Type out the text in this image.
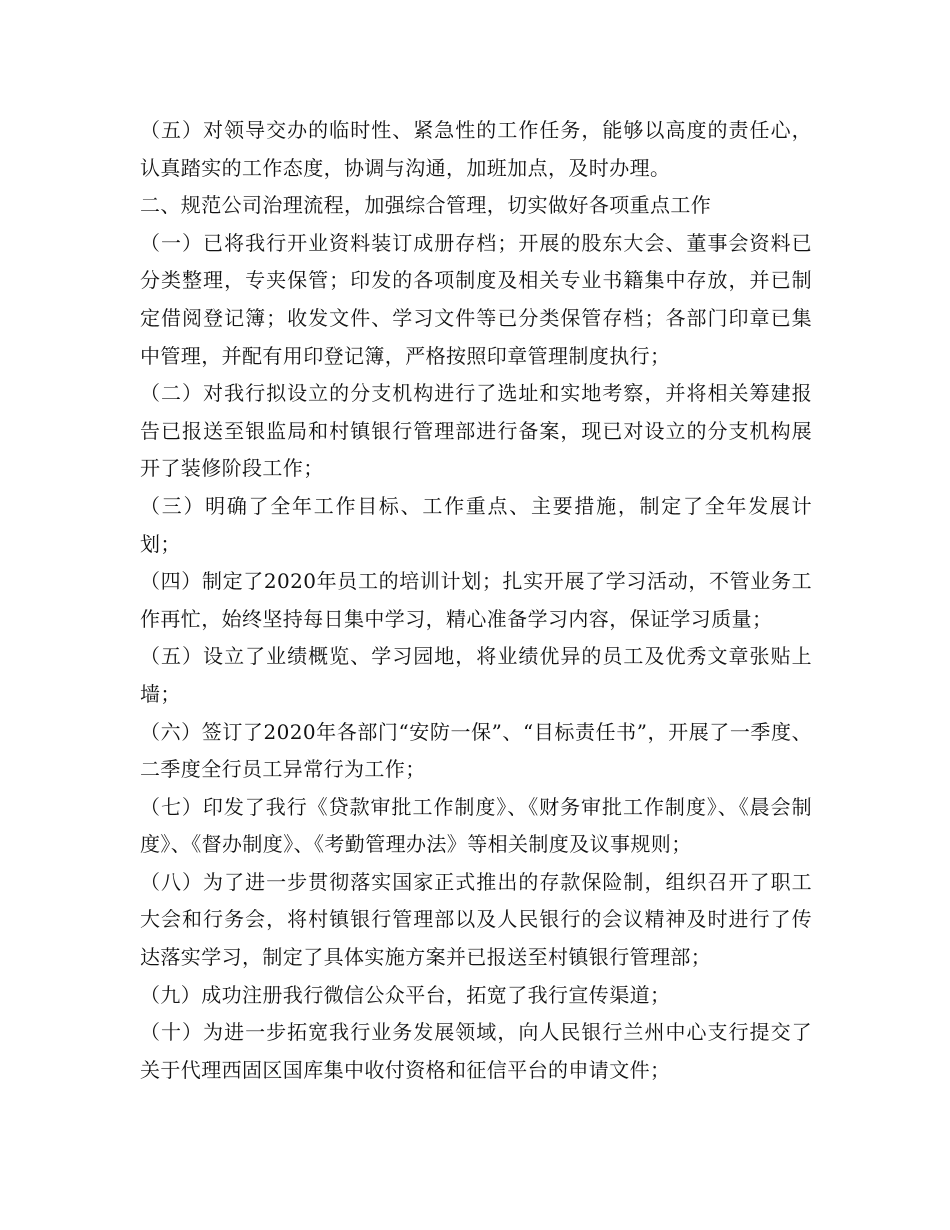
（五）对领导交办的临时性、紧急性的工作任务，能够以高度的责任心，认真踏实的工作态度，协调与沟通，加班加点，及时办理。

二、规范公司治理流程，加强综合管理，切实做好各项重点工作

（一）已将我行开业资料装订成册存档；开展的股东大会、董事会资料已分类整理，专夹保管；印发的各项制度及相关专业书籍集中存放，并已制定借阅登记簿；收发文件、学习文件等已分类保管存档；各部门印章已集中管理，并配有用印登记簿，严格按照印章管理制度执行；

（二）对我行拟设立的分支机构进行了选址和实地考察，并将相关筹建报告已报送至银监局和村镇银行管理部进行备案，现已对设立的分支机构展开了装修阶段工作；

（三）明确了全年工作目标、工作重点、主要措施，制定了全年发展计划；

（四）制定了2020年员工的培训计划；扎实开展了学习活动，不管业务工作再忙，始终坚持每日集中学习，精心准备学习内容，保证学习质量；

（五）设立了业绩概览、学习园地，将业绩优异的员工及优秀文章张贴上墙；

（六）签订了2020年各部门“安防一保”、“目标责任书”，开展了一季度、二季度全行员工异常行为工作；

（七）印发了我行《贷款审批工作制度》、《财务审批工作制度》、《晨会制度》、《督办制度》、《考勤管理办法》等相关制度及议事规则；

（八）为了进一步贯彻落实国家正式推出的存款保险制，组织召开了职工大会和行务会，将村镇银行管理部以及人民银行的会议精神及时进行了传达落实学习，制定了具体实施方案并已报送至村镇银行管理部；

（九）成功注册我行微信公众平台，拓宽了我行宣传渠道；

（十）为进一步拓宽我行业务发展领域，向人民银行兰州中心支行提交了关于代理西固区国库集中收付资格和征信平台的申请文件；
